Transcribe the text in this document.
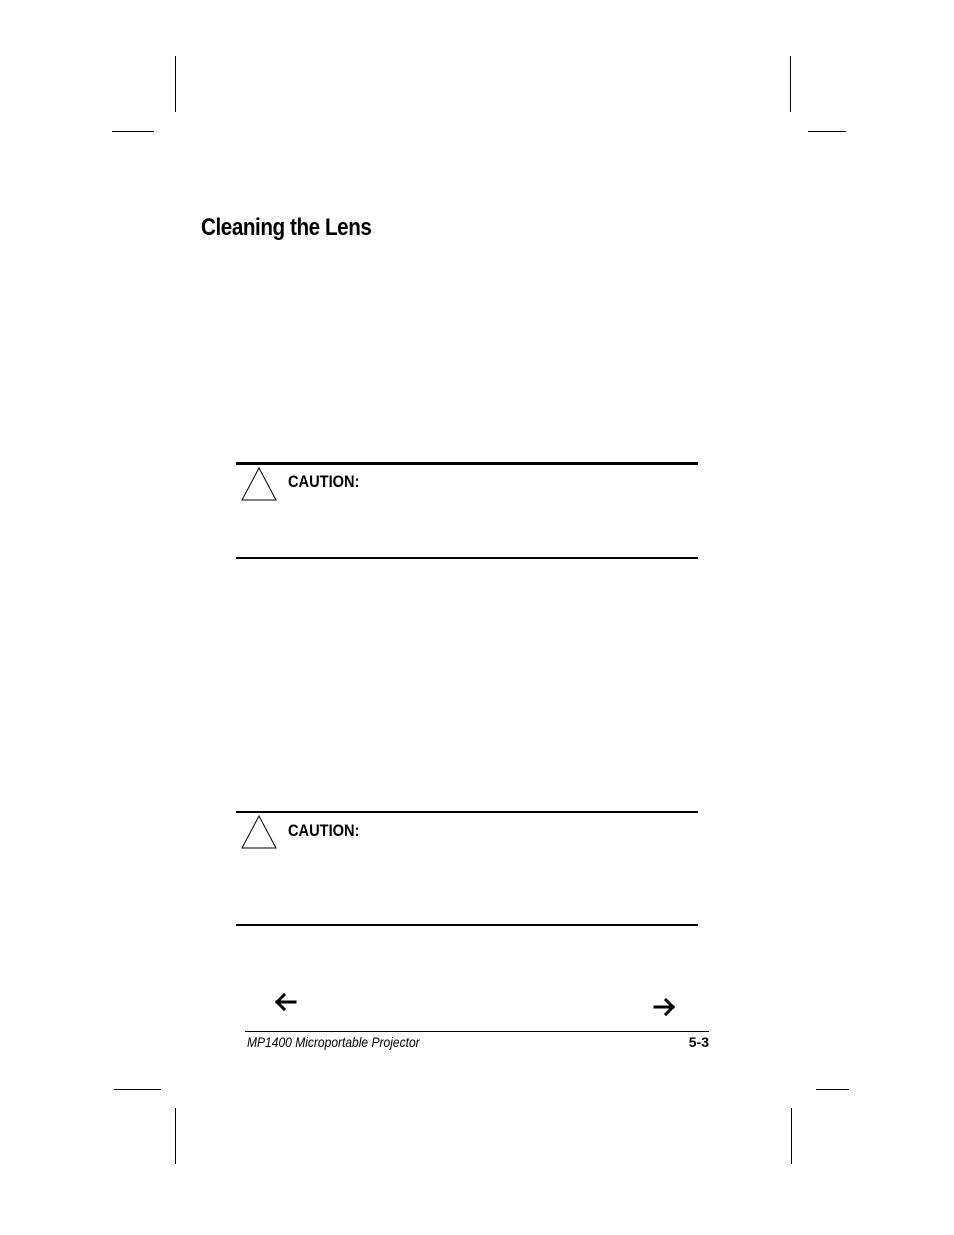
Cleaning the Lens
CAUTION:
CAUTION:
MP1400 Microportable Projector	5-3
